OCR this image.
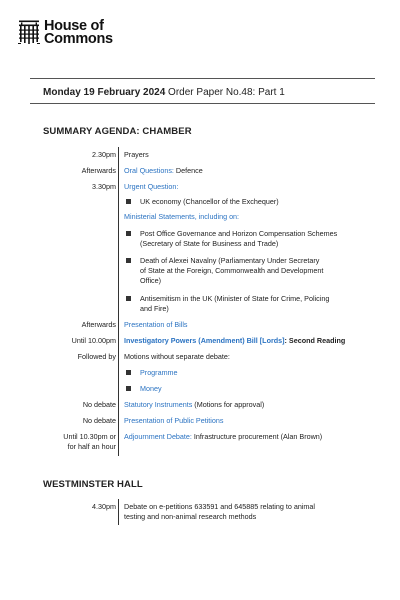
House of
Commons
Monday 19 February 2024 Order Paper No.48: Part 1
SUMMARY AGENDA: CHAMBER
2.30pm Prayers
Afterwards Oral Questions: Defence
3.30pm Urgent Question:
UK economy (Chancellor of the Exchequer)
Ministerial Statements, including on:
Post Office Governance and Horizon Compensation Schemes
(Secretary of State for Business and Trade)
Death of Alexei Navalny (Parliamentary Under Secretary
of State at the Foreign, Commonwealth and Development
Office)
Antisemitism in the UK (Minister of State for Crime, Policing
and Fire)
Afterwards Presentation of Bills
Until 10.00pm Investigatory Powers (Amendment) Bill [Lords]: Second Reading
Followed by Motions without separate debate:
Programme
Money
No debate Statutory Instruments (Motions for approval)
No debate Presentation of Public Petitions
Until 10.30pm or
for half an hour
Adjournment Debate: Infrastructure procurement (Alan Brown)
WESTMINSTER HALL
4.30pm Debate on e-petitions 633591 and 645885 relating to animal
testing and non-animal research methods
